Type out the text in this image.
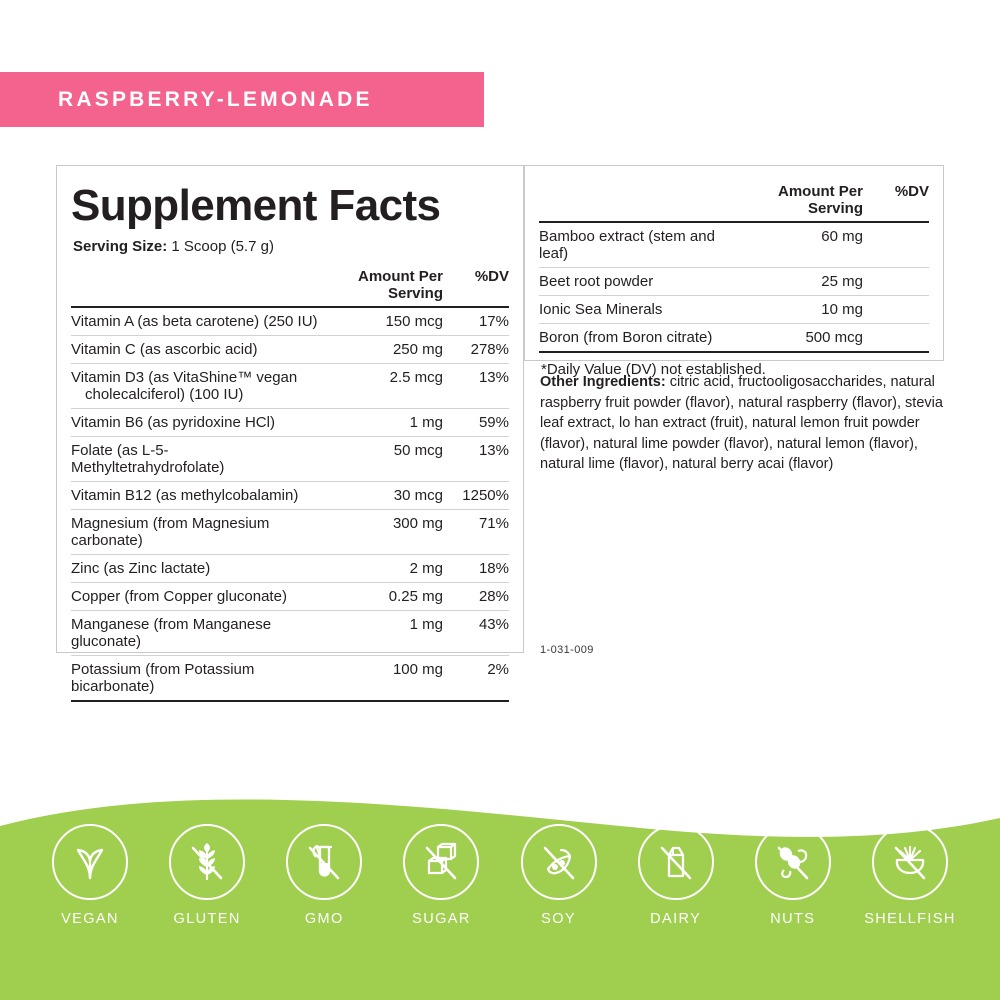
RASPBERRY-LEMONADE
Supplement Facts
Serving Size: 1 Scoop (5.7 g)
	Amount Per Serving	%DV
Vitamin A (as beta carotene) (250 IU)	150 mcg	17%
Vitamin C (as ascorbic acid)	250 mg	278%
Vitamin D3 (as VitaShine™ vegan
cholecalciferol) (100 IU)	2.5 mcg	13%
Vitamin B6 (as pyridoxine HCl)	1 mg	59%
Folate (as L-5-Methyltetrahydrofolate)	50 mcg	13%
Vitamin B12 (as methylcobalamin)	30 mcg	1250%
Magnesium (from Magnesium carbonate)	300 mg	71%
Zinc (as Zinc lactate)	2 mg	18%
Copper (from Copper gluconate)	0.25 mg	28%
Manganese (from Manganese gluconate)	1 mg	43%
Potassium (from Potassium bicarbonate)	100 mg	2%
	Amount Per Serving	%DV
Bamboo extract (stem and leaf)	60 mg	
Beet root powder	25 mg	
Ionic Sea Minerals	10 mg	
Boron (from Boron citrate)	500 mcg	
*Daily Value (DV) not established.
Other Ingredients: citric acid, fructooligosaccharides, natural raspberry fruit powder (flavor), natural raspberry (flavor), stevia leaf extract, lo han extract (fruit), natural lemon fruit powder (flavor), natural lime powder (flavor), natural lemon (flavor), natural lime (flavor), natural berry acai (flavor)
1-031-009
VEGAN	GLUTEN	GMO	SUGAR	SOY	DAIRY	NUTS	SHELLFISH
